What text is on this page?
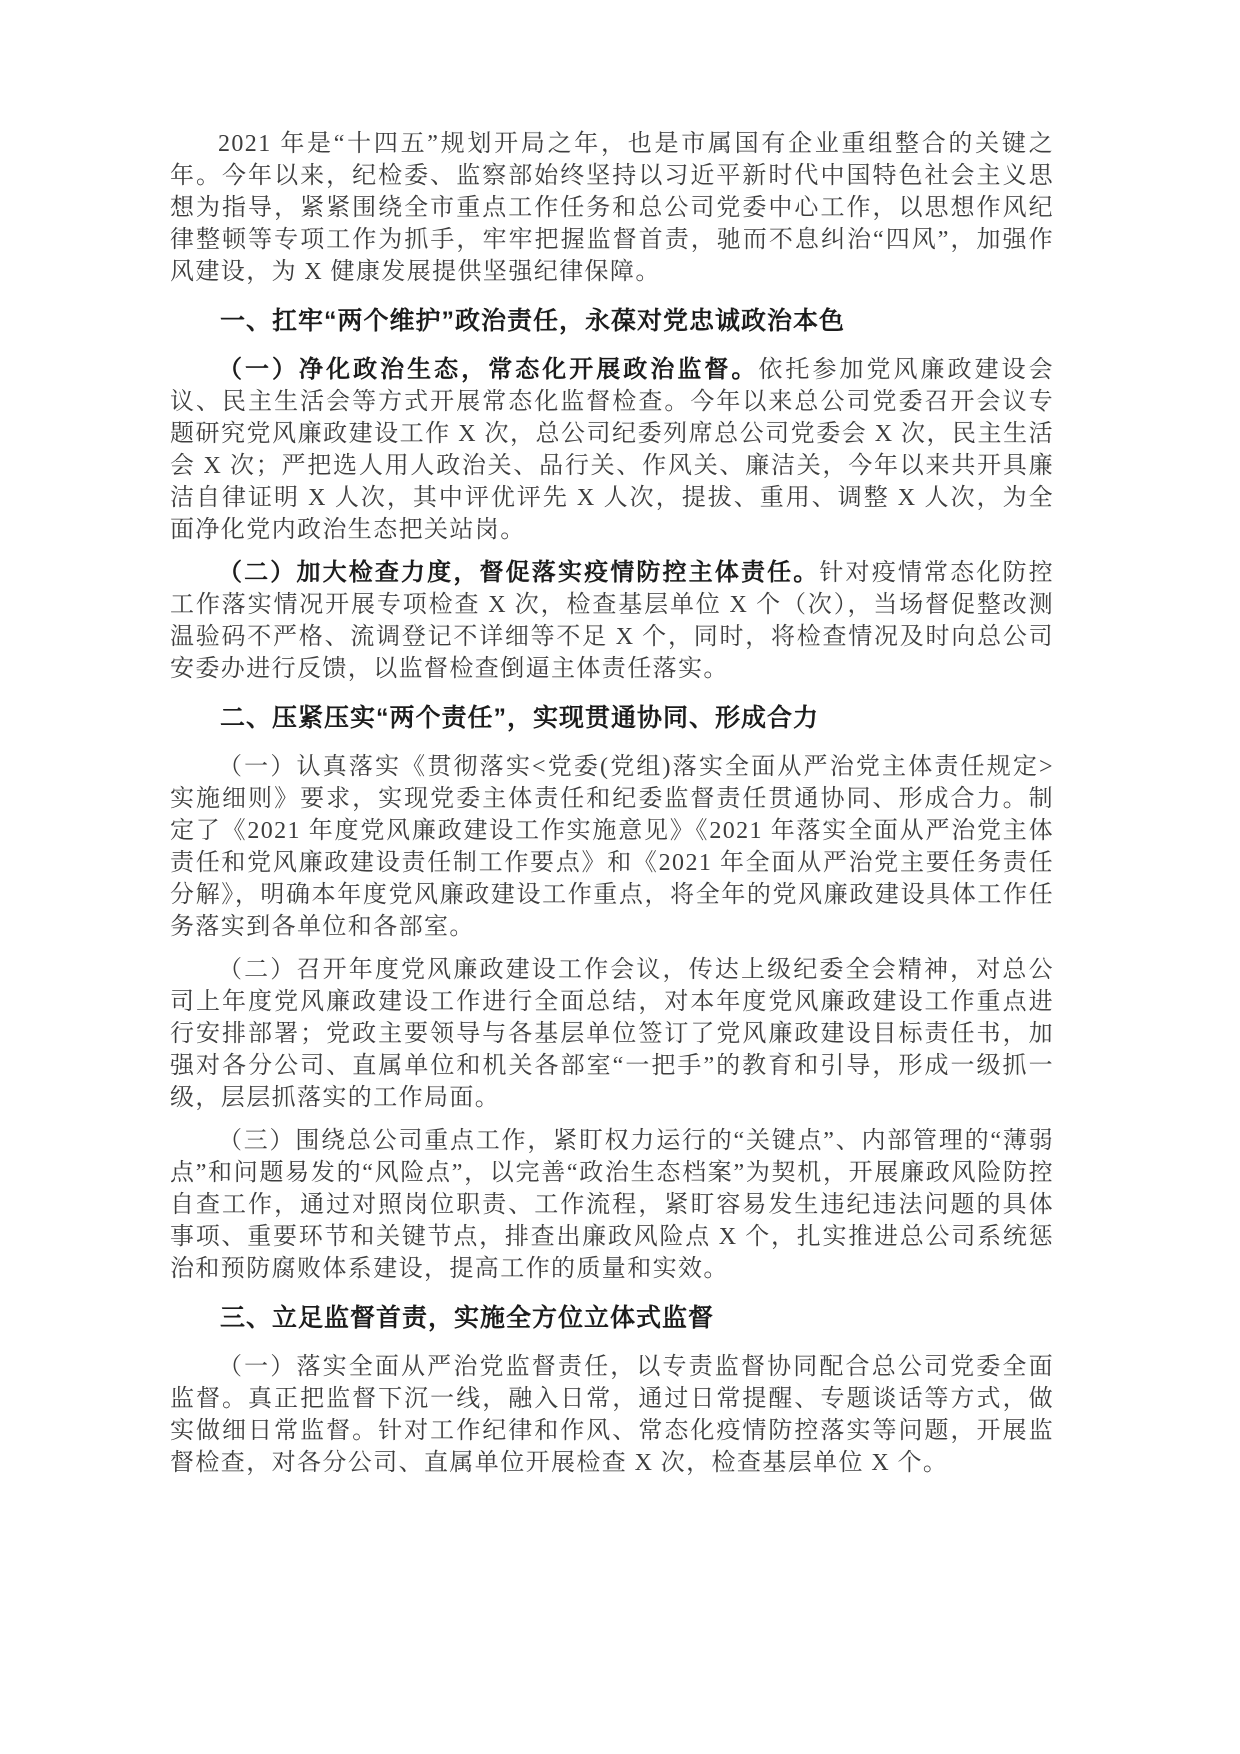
2021 年是“十四五”规划开局之年，也是市属国有企业重组整合的关键之年。今年以来，纪检委、监察部始终坚持以习近平新时代中国特色社会主义思想为指导，紧紧围绕全市重点工作任务和总公司党委中心工作，以思想作风纪律整顿等专项工作为抓手，牢牢把握监督首责，驰而不息纠治“四风”，加强作风建设，为 X 健康发展提供坚强纪律保障。

一、扛牢“两个维护”政治责任，永葆对党忠诚政治本色

（一）净化政治生态，常态化开展政治监督。依托参加党风廉政建设会议、民主生活会等方式开展常态化监督检查。今年以来总公司党委召开会议专题研究党风廉政建设工作 X 次，总公司纪委列席总公司党委会 X 次，民主生活会 X 次；严把选人用人政治关、品行关、作风关、廉洁关，今年以来共开具廉洁自律证明 X 人次，其中评优评先 X 人次，提拔、重用、调整 X 人次，为全面净化党内政治生态把关站岗。

（二）加大检查力度，督促落实疫情防控主体责任。针对疫情常态化防控工作落实情况开展专项检查 X 次，检查基层单位 X 个（次），当场督促整改测温验码不严格、流调登记不详细等不足 X 个，同时，将检查情况及时向总公司安委办进行反馈，以监督检查倒逼主体责任落实。

二、压紧压实“两个责任”，实现贯通协同、形成合力

（一）认真落实《贯彻落实<党委(党组)落实全面从严治党主体责任规定>实施细则》要求，实现党委主体责任和纪委监督责任贯通协同、形成合力。制定了《2021 年度党风廉政建设工作实施意见》《2021 年落实全面从严治党主体责任和党风廉政建设责任制工作要点》和《2021 年全面从严治党主要任务责任分解》，明确本年度党风廉政建设工作重点，将全年的党风廉政建设具体工作任务落实到各单位和各部室。

（二）召开年度党风廉政建设工作会议，传达上级纪委全会精神，对总公司上年度党风廉政建设工作进行全面总结，对本年度党风廉政建设工作重点进行安排部署；党政主要领导与各基层单位签订了党风廉政建设目标责任书，加强对各分公司、直属单位和机关各部室“一把手”的教育和引导，形成一级抓一级，层层抓落实的工作局面。

（三）围绕总公司重点工作，紧盯权力运行的“关键点”、内部管理的“薄弱点”和问题易发的“风险点”，以完善“政治生态档案”为契机，开展廉政风险防控自查工作，通过对照岗位职责、工作流程，紧盯容易发生违纪违法问题的具体事项、重要环节和关键节点，排查出廉政风险点 X 个，扎实推进总公司系统惩治和预防腐败体系建设，提高工作的质量和实效。

三、立足监督首责，实施全方位立体式监督

（一）落实全面从严治党监督责任，以专责监督协同配合总公司党委全面监督。真正把监督下沉一线，融入日常，通过日常提醒、专题谈话等方式，做实做细日常监督。针对工作纪律和作风、常态化疫情防控落实等问题，开展监督检查，对各分公司、直属单位开展检查 X 次，检查基层单位 X 个。
